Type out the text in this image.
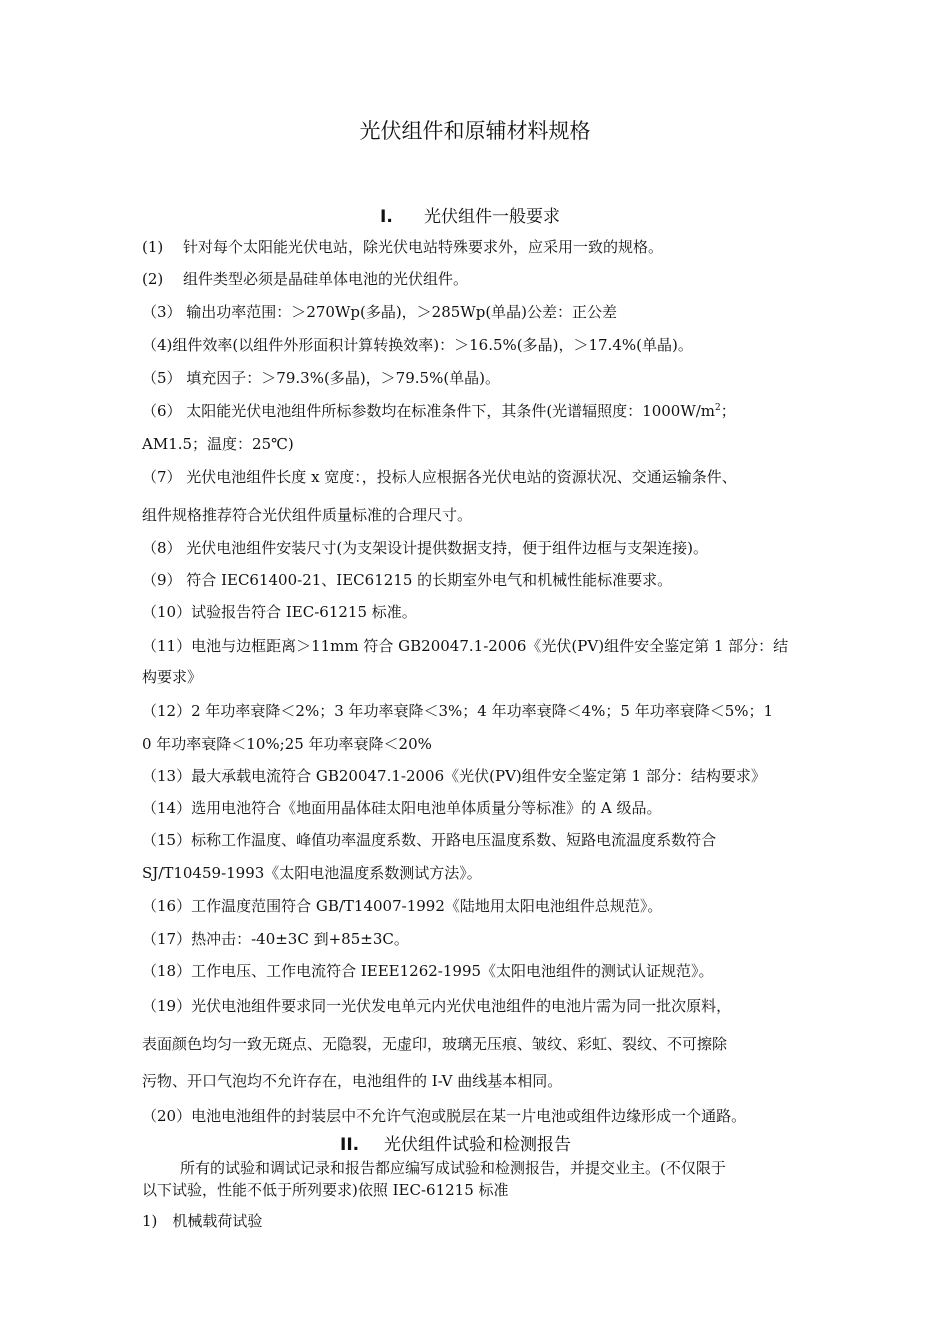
光伏组件和原辅材料规格
I. 光伏组件一般要求
(1)　 针对每个太阳能光伏电站，除光伏电站特殊要求外，应采用一致的规格。
(2)　 组件类型必须是晶硅单体电池的光伏组件。
（3） 输出功率范围：＞270Wp(多晶)，＞285Wp(单晶)公差：正公差
（4)组件效率(以组件外形面积计算转换效率)：＞16.5%(多晶)，＞17.4%(单晶)。
（5） 填充因子：＞79.3%(多晶)，＞79.5%(单晶)。
（6） 太阳能光伏电池组件所标参数均在标准条件下，其条件(光谱辐照度：$1000W/m^2$；
AM1.5；温度：25℃)
（7） 光伏电池组件长度 x 宽度：，投标人应根据各光伏电站的资源状况、交通运输条件、
组件规格推荐符合光伏组件质量标准的合理尺寸。
（8） 光伏电池组件安装尺寸(为支架设计提供数据支持，便于组件边框与支架连接)。
（9） 符合 IEC61400-21、IEC61215 的长期室外电气和机械性能标准要求。
（10）试验报告符合 IEC-61215 标准。
（11）电池与边框距离＞11mm 符合 GB20047.1-2006《光伏(PV)组件安全鉴定第 1 部分：结
构要求》
（12）2 年功率衰降＜2%；3 年功率衰降＜3%；4 年功率衰降＜4%；5 年功率衰降＜5%；1
0 年功率衰降＜10%;25 年功率衰降＜20%
（13）最大承载电流符合 GB20047.1-2006《光伏(PV)组件安全鉴定第 1 部分：结构要求》
（14）选用电池符合《地面用晶体硅太阳电池单体质量分等标准》的 A 级品。
（15）标称工作温度、峰值功率温度系数、开路电压温度系数、短路电流温度系数符合
SJ/T10459-1993《太阳电池温度系数测试方法》。
（16）工作温度范围符合 GB/T14007-1992《陆地用太阳电池组件总规范》。
（17）热冲击：-40±3C 到+85±3C。
（18）工作电压、工作电流符合 IEEE1262-1995《太阳电池组件的测试认证规范》。
（19）光伏电池组件要求同一光伏发电单元内光伏电池组件的电池片需为同一批次原料，
表面颜色均匀一致无斑点、无隐裂，无虚印，玻璃无压痕、皱纹、彩虹、裂纹、不可擦除
污物、开口气泡均不允许存在，电池组件的 I-V 曲线基本相同。
（20）电池电池组件的封装层中不允许气泡或脱层在某一片电池或组件边缘形成一个通路。
II. 光伏组件试验和检测报告
所有的试验和调试记录和报告都应编写成试验和检测报告，并提交业主。(不仅限于
以下试验，性能不低于所列要求)依照 IEC-61215 标准
1)　机械载荷试验
